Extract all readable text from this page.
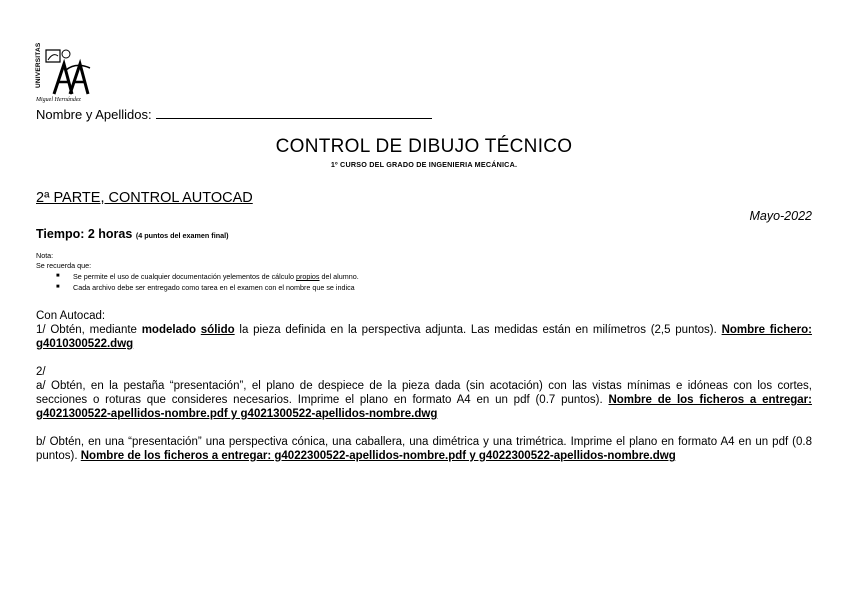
UNIVERSITAS
Miguel Hernández
Nombre y Apellidos:
CONTROL DE DIBUJO TÉCNICO
1º CURSO DEL GRADO DE INGENIERIA MECÁNICA.
2ª PARTE, CONTROL AUTOCAD
Mayo-2022
Tiempo: 2 horas (4 puntos del examen final)
Nota:
Se recuerda que:
■ Se permite el uso de cualquier documentación yelementos de cálculo propios del alumno.
■ Cada archivo debe ser entregado como tarea en el examen con el nombre que se indica
Con Autocad:
1/ Obtén, mediante modelado sólido la pieza definida en la perspectiva adjunta. Las medidas están en milímetros (2,5 puntos). Nombre fichero: g4010300522.dwg
2/
a/ Obtén, en la pestaña “presentación”, el plano de despiece de la pieza dada (sin acotación) con las vistas mínimas e idóneas con los cortes, secciones o roturas que consideres necesarios. Imprime el plano en formato A4 en un pdf (0.7 puntos). Nombre de los ficheros a entregar: g4021300522-apellidos-nombre.pdf y g4021300522-apellidos-nombre.dwg
b/ Obtén, en una “presentación” una perspectiva cónica, una caballera, una dimétrica y una trimétrica. Imprime el plano en formato A4 en un pdf (0.8 puntos). Nombre de los ficheros a entregar: g4022300522-apellidos-nombre.pdf y g4022300522-apellidos-nombre.dwg
